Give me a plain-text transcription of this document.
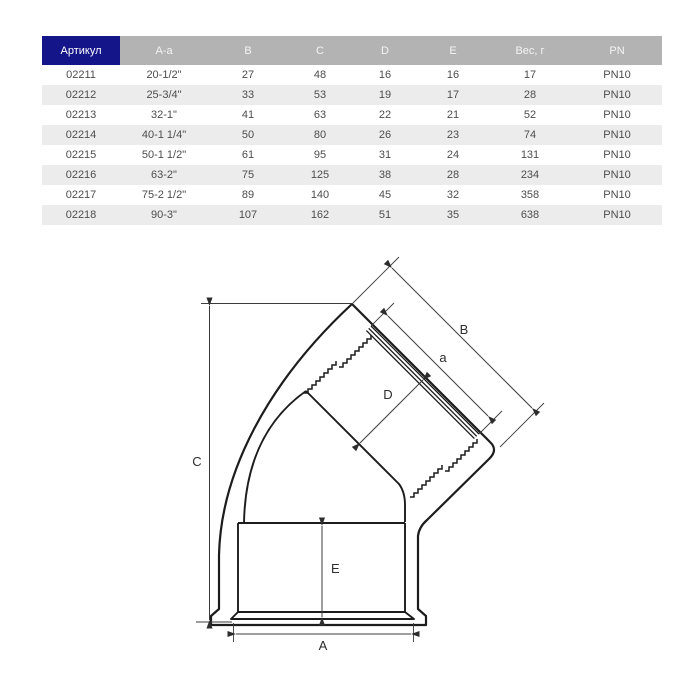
Артикул	A-a	B	C	D	E	Вес, г	PN
02211	20-1/2"	27	48	16	16	17	PN10
02212	25-3/4"	33	53	19	17	28	PN10
02213	32-1"	41	63	22	21	52	PN10
02214	40-1 1/4"	50	80	26	23	74	PN10
02215	50-1 1/2"	61	95	31	24	131	PN10
02216	63-2"	75	125	38	28	234	PN10
02217	75-2 1/2"	89	140	45	32	358	PN10
02218	90-3"	107	162	51	35	638	PN10
C
E
A
B
a
D
